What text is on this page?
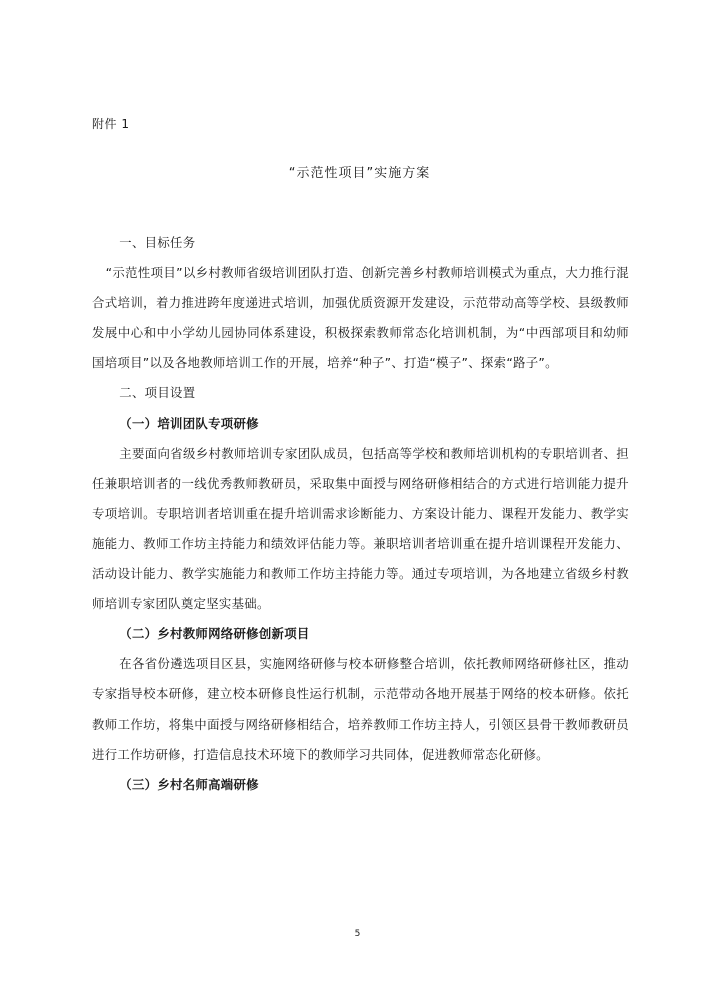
附件 1
“示范性项目”实施方案

一、目标任务

“示范性项目”以乡村教师省级培训团队打造、创新完善乡村教师培训模式为重点，大力推行混合式培训，着力推进跨年度递进式培训，加强优质资源开发建设，示范带动高等学校、县级教师发展中心和中小学幼儿园协同体系建设，积极探索教师常态化培训机制，为“中西部项目和幼师国培项目”以及各地教师培训工作的开展，培养“种子”、打造“模子”、探索“路子”。

二、项目设置

（一）培训团队专项研修

主要面向省级乡村教师培训专家团队成员，包括高等学校和教师培训机构的专职培训者、担任兼职培训者的一线优秀教师教研员，采取集中面授与网络研修相结合的方式进行培训能力提升专项培训。专职培训者培训重在提升培训需求诊断能力、方案设计能力、课程开发能力、教学实施能力、教师工作坊主持能力和绩效评估能力等。兼职培训者培训重在提升培训课程开发能力、活动设计能力、教学实施能力和教师工作坊主持能力等。通过专项培训，为各地建立省级乡村教师培训专家团队奠定坚实基础。

（二）乡村教师网络研修创新项目

在各省份遴选项目区县，实施网络研修与校本研修整合培训，依托教师网络研修社区，推动专家指导校本研修，建立校本研修良性运行机制，示范带动各地开展基于网络的校本研修。依托教师工作坊，将集中面授与网络研修相结合，培养教师工作坊主持人，引领区县骨干教师教研员进行工作坊研修，打造信息技术环境下的教师学习共同体，促进教师常态化研修。

（三）乡村名师高端研修

5
